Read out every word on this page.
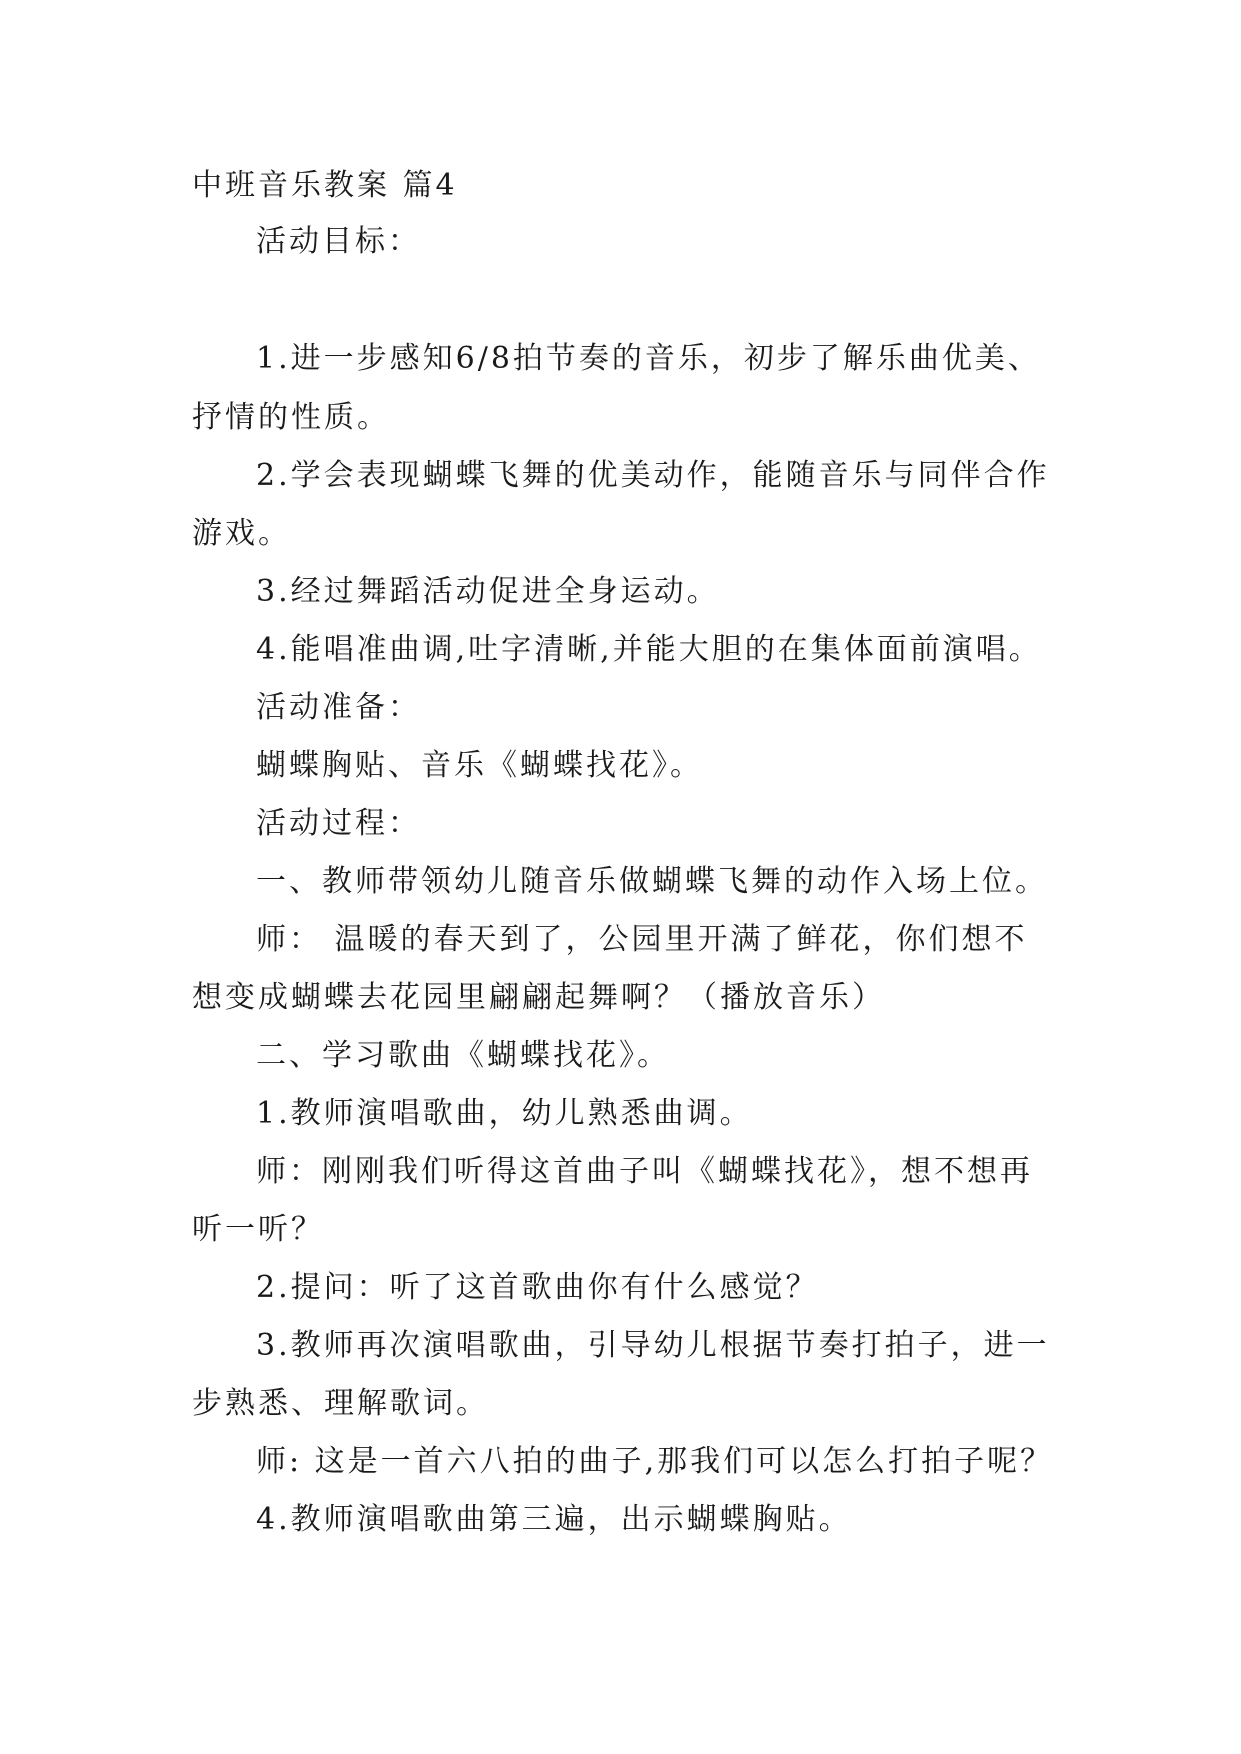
中班音乐教案 篇4
活动目标：
1.进一步感知6/8拍节奏的音乐，初步了解乐曲优美、
抒情的性质。
2.学会表现蝴蝶飞舞的优美动作，能随音乐与同伴合作
游戏。
3.经过舞蹈活动促进全身运动。
4.能唱准曲调,吐字清晰,并能大胆的在集体面前演唱。
活动准备：
蝴蝶胸贴、音乐《蝴蝶找花》。
活动过程：
一、教师带领幼儿随音乐做蝴蝶飞舞的动作入场上位。
师： 温暖的春天到了，公园里开满了鲜花，你们想不
想变成蝴蝶去花园里翩翩起舞啊？（播放音乐）
二、学习歌曲《蝴蝶找花》。
1.教师演唱歌曲，幼儿熟悉曲调。
师：刚刚我们听得这首曲子叫《蝴蝶找花》，想不想再
听一听？
2.提问：听了这首歌曲你有什么感觉？
3.教师再次演唱歌曲，引导幼儿根据节奏打拍子，进一
步熟悉、理解歌词。
师: 这是一首六八拍的曲子,那我们可以怎么打拍子呢？
4.教师演唱歌曲第三遍，出示蝴蝶胸贴。
